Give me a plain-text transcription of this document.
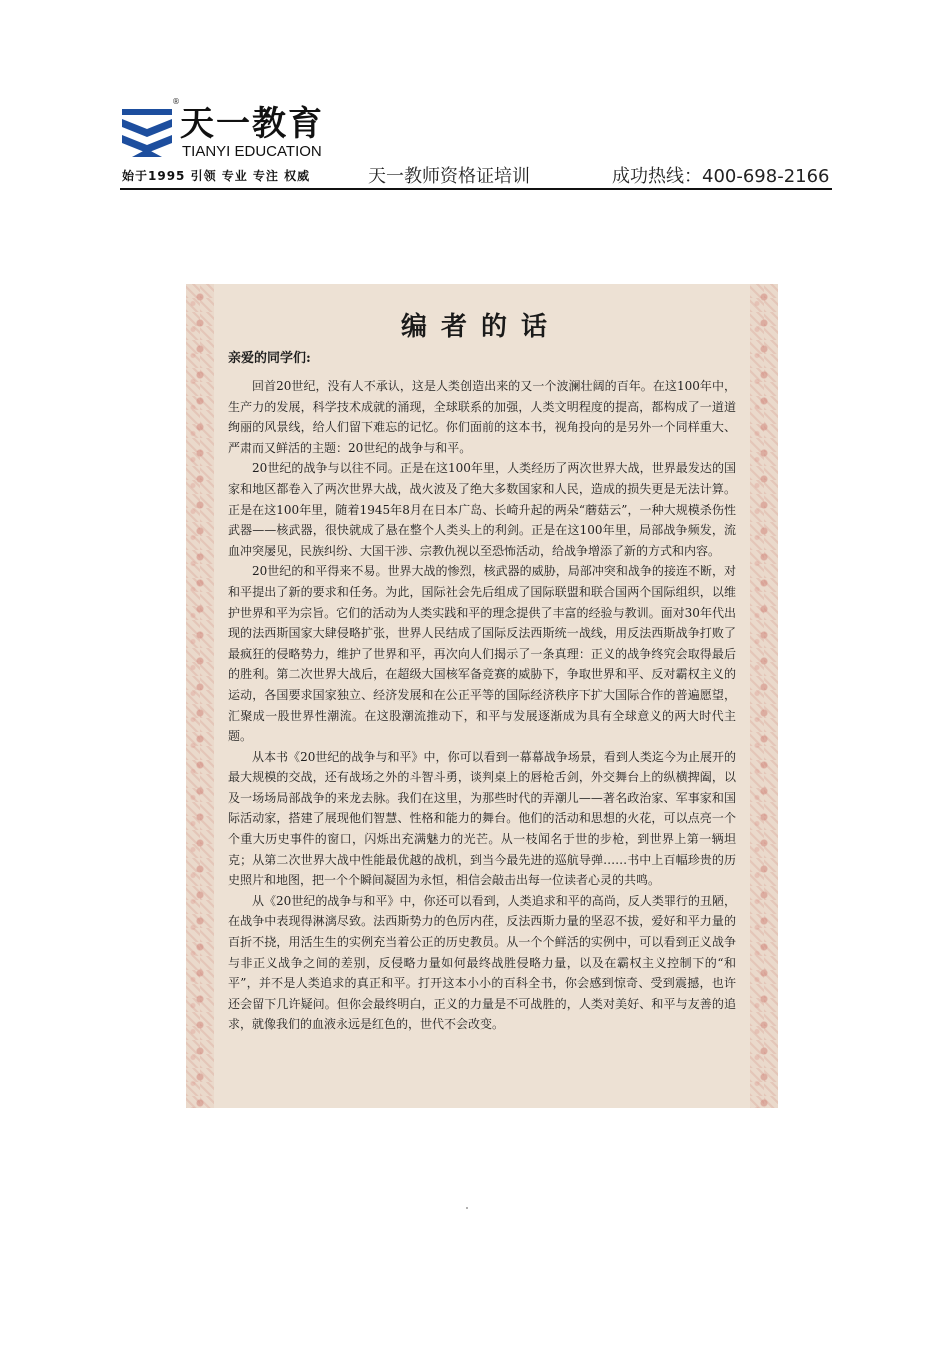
®
天一教育
TIANYI EDUCATION
始于1995 引领 专业 专注 权威	天一教师资格证培训	成功热线：400-698-2166
编者的话
亲爱的同学们:

回首20世纪，没有人不承认，这是人类创造出来的又一个波澜壮阔的百年。在这100年中，生产力的发展，科学技术成就的涌现，全球联系的加强，人类文明程度的提高，都构成了一道道绚丽的风景线，给人们留下难忘的记忆。你们面前的这本书，视角投向的是另外一个同样重大、严肃而又鲜活的主题：20世纪的战争与和平。

20世纪的战争与以往不同。正是在这100年里，人类经历了两次世界大战，世界最发达的国家和地区都卷入了两次世界大战，战火波及了绝大多数国家和人民，造成的损失更是无法计算。正是在这100年里，随着1945年8月在日本广岛、长崎升起的两朵“蘑菇云”，一种大规模杀伤性武器——核武器，很快就成了悬在整个人类头上的利剑。正是在这100年里，局部战争频发，流血冲突屡见，民族纠纷、大国干涉、宗教仇视以至恐怖活动，给战争增添了新的方式和内容。

20世纪的和平得来不易。世界大战的惨烈，核武器的威胁，局部冲突和战争的接连不断，对和平提出了新的要求和任务。为此，国际社会先后组成了国际联盟和联合国两个国际组织，以维护世界和平为宗旨。它们的活动为人类实践和平的理念提供了丰富的经验与教训。面对30年代出现的法西斯国家大肆侵略扩张，世界人民结成了国际反法西斯统一战线，用反法西斯战争打败了最疯狂的侵略势力，维护了世界和平，再次向人们揭示了一条真理：正义的战争终究会取得最后的胜利。第二次世界大战后，在超级大国核军备竞赛的威胁下，争取世界和平、反对霸权主义的运动，各国要求国家独立、经济发展和在公正平等的国际经济秩序下扩大国际合作的普遍愿望，汇聚成一股世界性潮流。在这股潮流推动下，和平与发展逐渐成为具有全球意义的两大时代主题。

从本书《20世纪的战争与和平》中，你可以看到一幕幕战争场景，看到人类迄今为止展开的最大规模的交战，还有战场之外的斗智斗勇，谈判桌上的唇枪舌剑，外交舞台上的纵横捭阖，以及一场场局部战争的来龙去脉。我们在这里，为那些时代的弄潮儿——著名政治家、军事家和国际活动家，搭建了展现他们智慧、性格和能力的舞台。他们的活动和思想的火花，可以点亮一个个重大历史事件的窗口，闪烁出充满魅力的光芒。从一枝闻名于世的步枪，到世界上第一辆坦克；从第二次世界大战中性能最优越的战机，到当今最先进的巡航导弹……书中上百幅珍贵的历史照片和地图，把一个个瞬间凝固为永恒，相信会敲击出每一位读者心灵的共鸣。

从《20世纪的战争与和平》中，你还可以看到，人类追求和平的高尚，反人类罪行的丑陋，在战争中表现得淋漓尽致。法西斯势力的色厉内荏，反法西斯力量的坚忍不拔，爱好和平力量的百折不挠，用活生生的实例充当着公正的历史教员。从一个个鲜活的实例中，可以看到正义战争与非正义战争之间的差别，反侵略力量如何最终战胜侵略力量，以及在霸权主义控制下的“和平”，并不是人类追求的真正和平。打开这本小小的百科全书，你会感到惊奇、受到震撼，也许还会留下几许疑问。但你会最终明白，正义的力量是不可战胜的，人类对美好、和平与友善的追求，就像我们的血液永远是红色的，世代不会改变。
